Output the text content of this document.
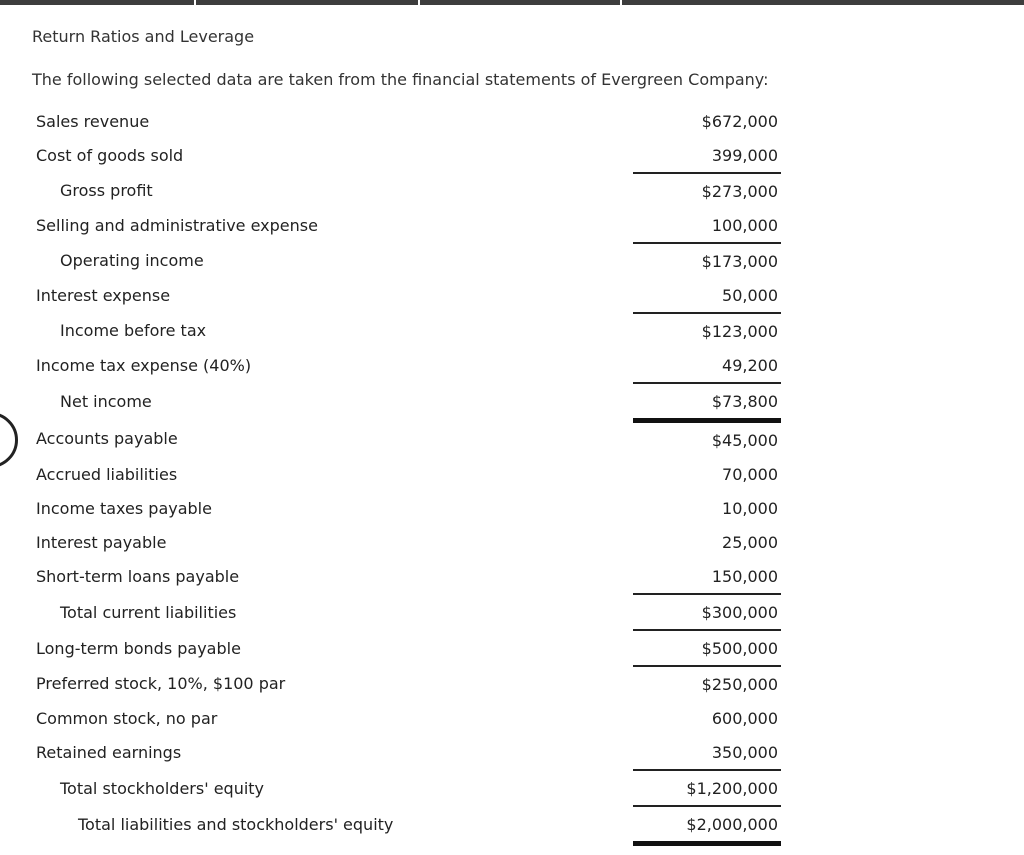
Return Ratios and Leverage
The following selected data are taken from the financial statements of Evergreen Company:
Sales revenue	$672,000
Cost of goods sold	399,000
Gross profit	$273,000
Selling and administrative expense	100,000
Operating income	$173,000
Interest expense	50,000
Income before tax	$123,000
Income tax expense (40%)	49,200
Net income	$73,800
Accounts payable	$45,000
Accrued liabilities	70,000
Income taxes payable	10,000
Interest payable	25,000
Short-term loans payable	150,000
Total current liabilities	$300,000
Long-term bonds payable	$500,000
Preferred stock, 10%, $100 par	$250,000
Common stock, no par	600,000
Retained earnings	350,000
Total stockholders' equity	$1,200,000
Total liabilities and stockholders' equity	$2,000,000
